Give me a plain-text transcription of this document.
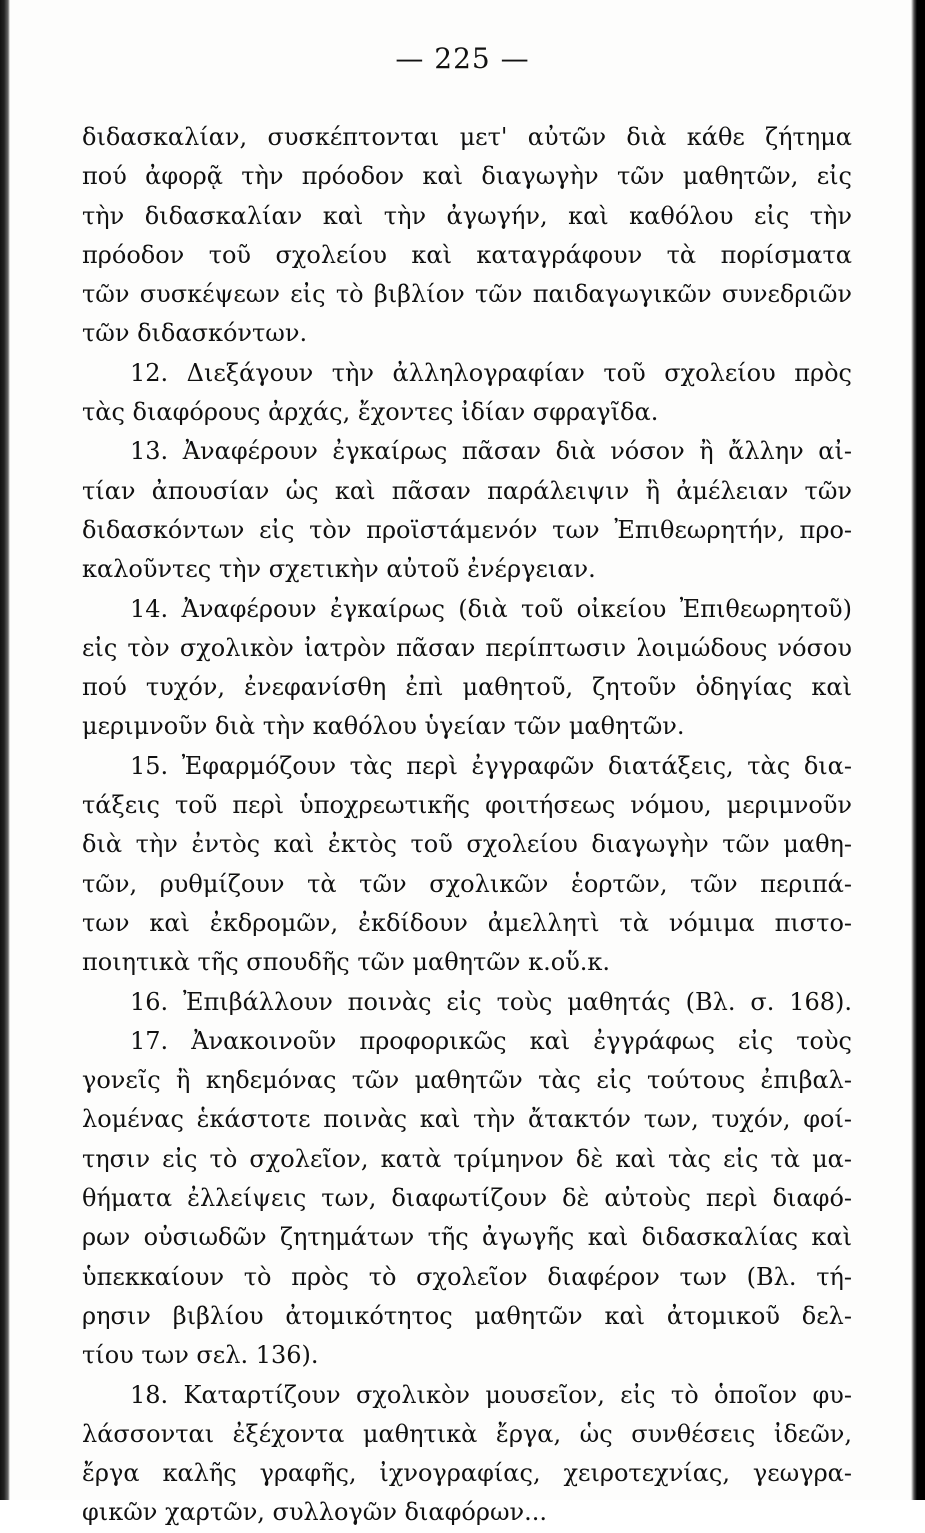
— 225 —
διδασκαλίαν, συσκέπτονται μετ' αὐτῶν διὰ κάθε ζήτημα
πού ἀφορᾷ τὴν πρόοδον καὶ διαγωγὴν τῶν μαθητῶν, εἰς
τὴν διδασκαλίαν καὶ τὴν ἀγωγήν, καὶ καθόλου εἰς τὴν
πρόοδον τοῦ σχολείου καὶ καταγράφουν τὰ πορίσματα
τῶν συσκέψεων εἰς τὸ βιβλίον τῶν παιδαγωγικῶν συνεδριῶν
τῶν διδασκόντων.
12. Διεξάγουν τὴν ἀλληλογραφίαν τοῦ σχολείου πρὸς
τὰς διαφόρους ἀρχάς, ἔχοντες ἰδίαν σφραγῖδα.
13. Ἀναφέρουν ἐγκαίρως πᾶσαν διὰ νόσον ἢ ἄλλην αἰ-
τίαν ἀπουσίαν ὡς καὶ πᾶσαν παράλειψιν ἢ ἀμέλειαν τῶν
διδασκόντων εἰς τὸν προϊστάμενόν των Ἐπιθεωρητήν, προ-
καλοῦντες τὴν σχετικὴν αὐτοῦ ἐνέργειαν.
14. Ἀναφέρουν ἐγκαίρως (διὰ τοῦ οἰκείου Ἐπιθεωρητοῦ)
εἰς τὸν σχολικὸν ἰατρὸν πᾶσαν περίπτωσιν λοιμώδους νόσου
πού τυχόν, ἐνεφανίσθη ἐπὶ μαθητοῦ, ζητοῦν ὁδηγίας καὶ
μεριμνοῦν διὰ τὴν καθόλου ὑγείαν τῶν μαθητῶν.
15. Ἐφαρμόζουν τὰς περὶ ἐγγραφῶν διατάξεις, τὰς δια-
τάξεις τοῦ περὶ ὑποχρεωτικῆς φοιτήσεως νόμου, μεριμνοῦν
διὰ τὴν ἐντὸς καὶ ἐκτὸς τοῦ σχολείου διαγωγὴν τῶν μαθη-
τῶν, ρυθμίζουν τὰ τῶν σχολικῶν ἑορτῶν, τῶν περιπά-
των καὶ ἐκδρομῶν, ἐκδίδουν ἀμελλητὶ τὰ νόμιμα πιστο-
ποιητικὰ τῆς σπουδῆς τῶν μαθητῶν κ.οὕ.κ.
16. Ἐπιβάλλουν ποινὰς εἰς τοὺς μαθητάς (Βλ. σ. 168).
17. Ἀνακοινοῦν προφορικῶς καὶ ἐγγράφως εἰς τοὺς
γονεῖς ἢ κηδεμόνας τῶν μαθητῶν τὰς εἰς τούτους ἐπιβαλ-
λομένας ἑκάστοτε ποινὰς καὶ τὴν ἄτακτόν των, τυχόν, φοί-
τησιν εἰς τὸ σχολεῖον, κατὰ τρίμηνον δὲ καὶ τὰς εἰς τὰ μα-
θήματα ἐλλείψεις των, διαφωτίζουν δὲ αὐτοὺς περὶ διαφό-
ρων οὐσιωδῶν ζητημάτων τῆς ἀγωγῆς καὶ διδασκαλίας καὶ
ὑπεκκαίουν τὸ πρὸς τὸ σχολεῖον διαφέρον των (Βλ. τή-
ρησιν βιβλίου ἀτομικότητος μαθητῶν καὶ ἀτομικοῦ δελ-
τίου των σελ. 136).
18. Καταρτίζουν σχολικὸν μουσεῖον, εἰς τὸ ὁποῖον φυ-
λάσσονται ἐξέχοντα μαθητικὰ ἔργα, ὡς συνθέσεις ἰδεῶν,
ἔργα καλῆς γραφῆς, ἰχνογραφίας, χειροτεχνίας, γεωγρα-
φικῶν χαρτῶν, συλλογῶν διαφόρων...
